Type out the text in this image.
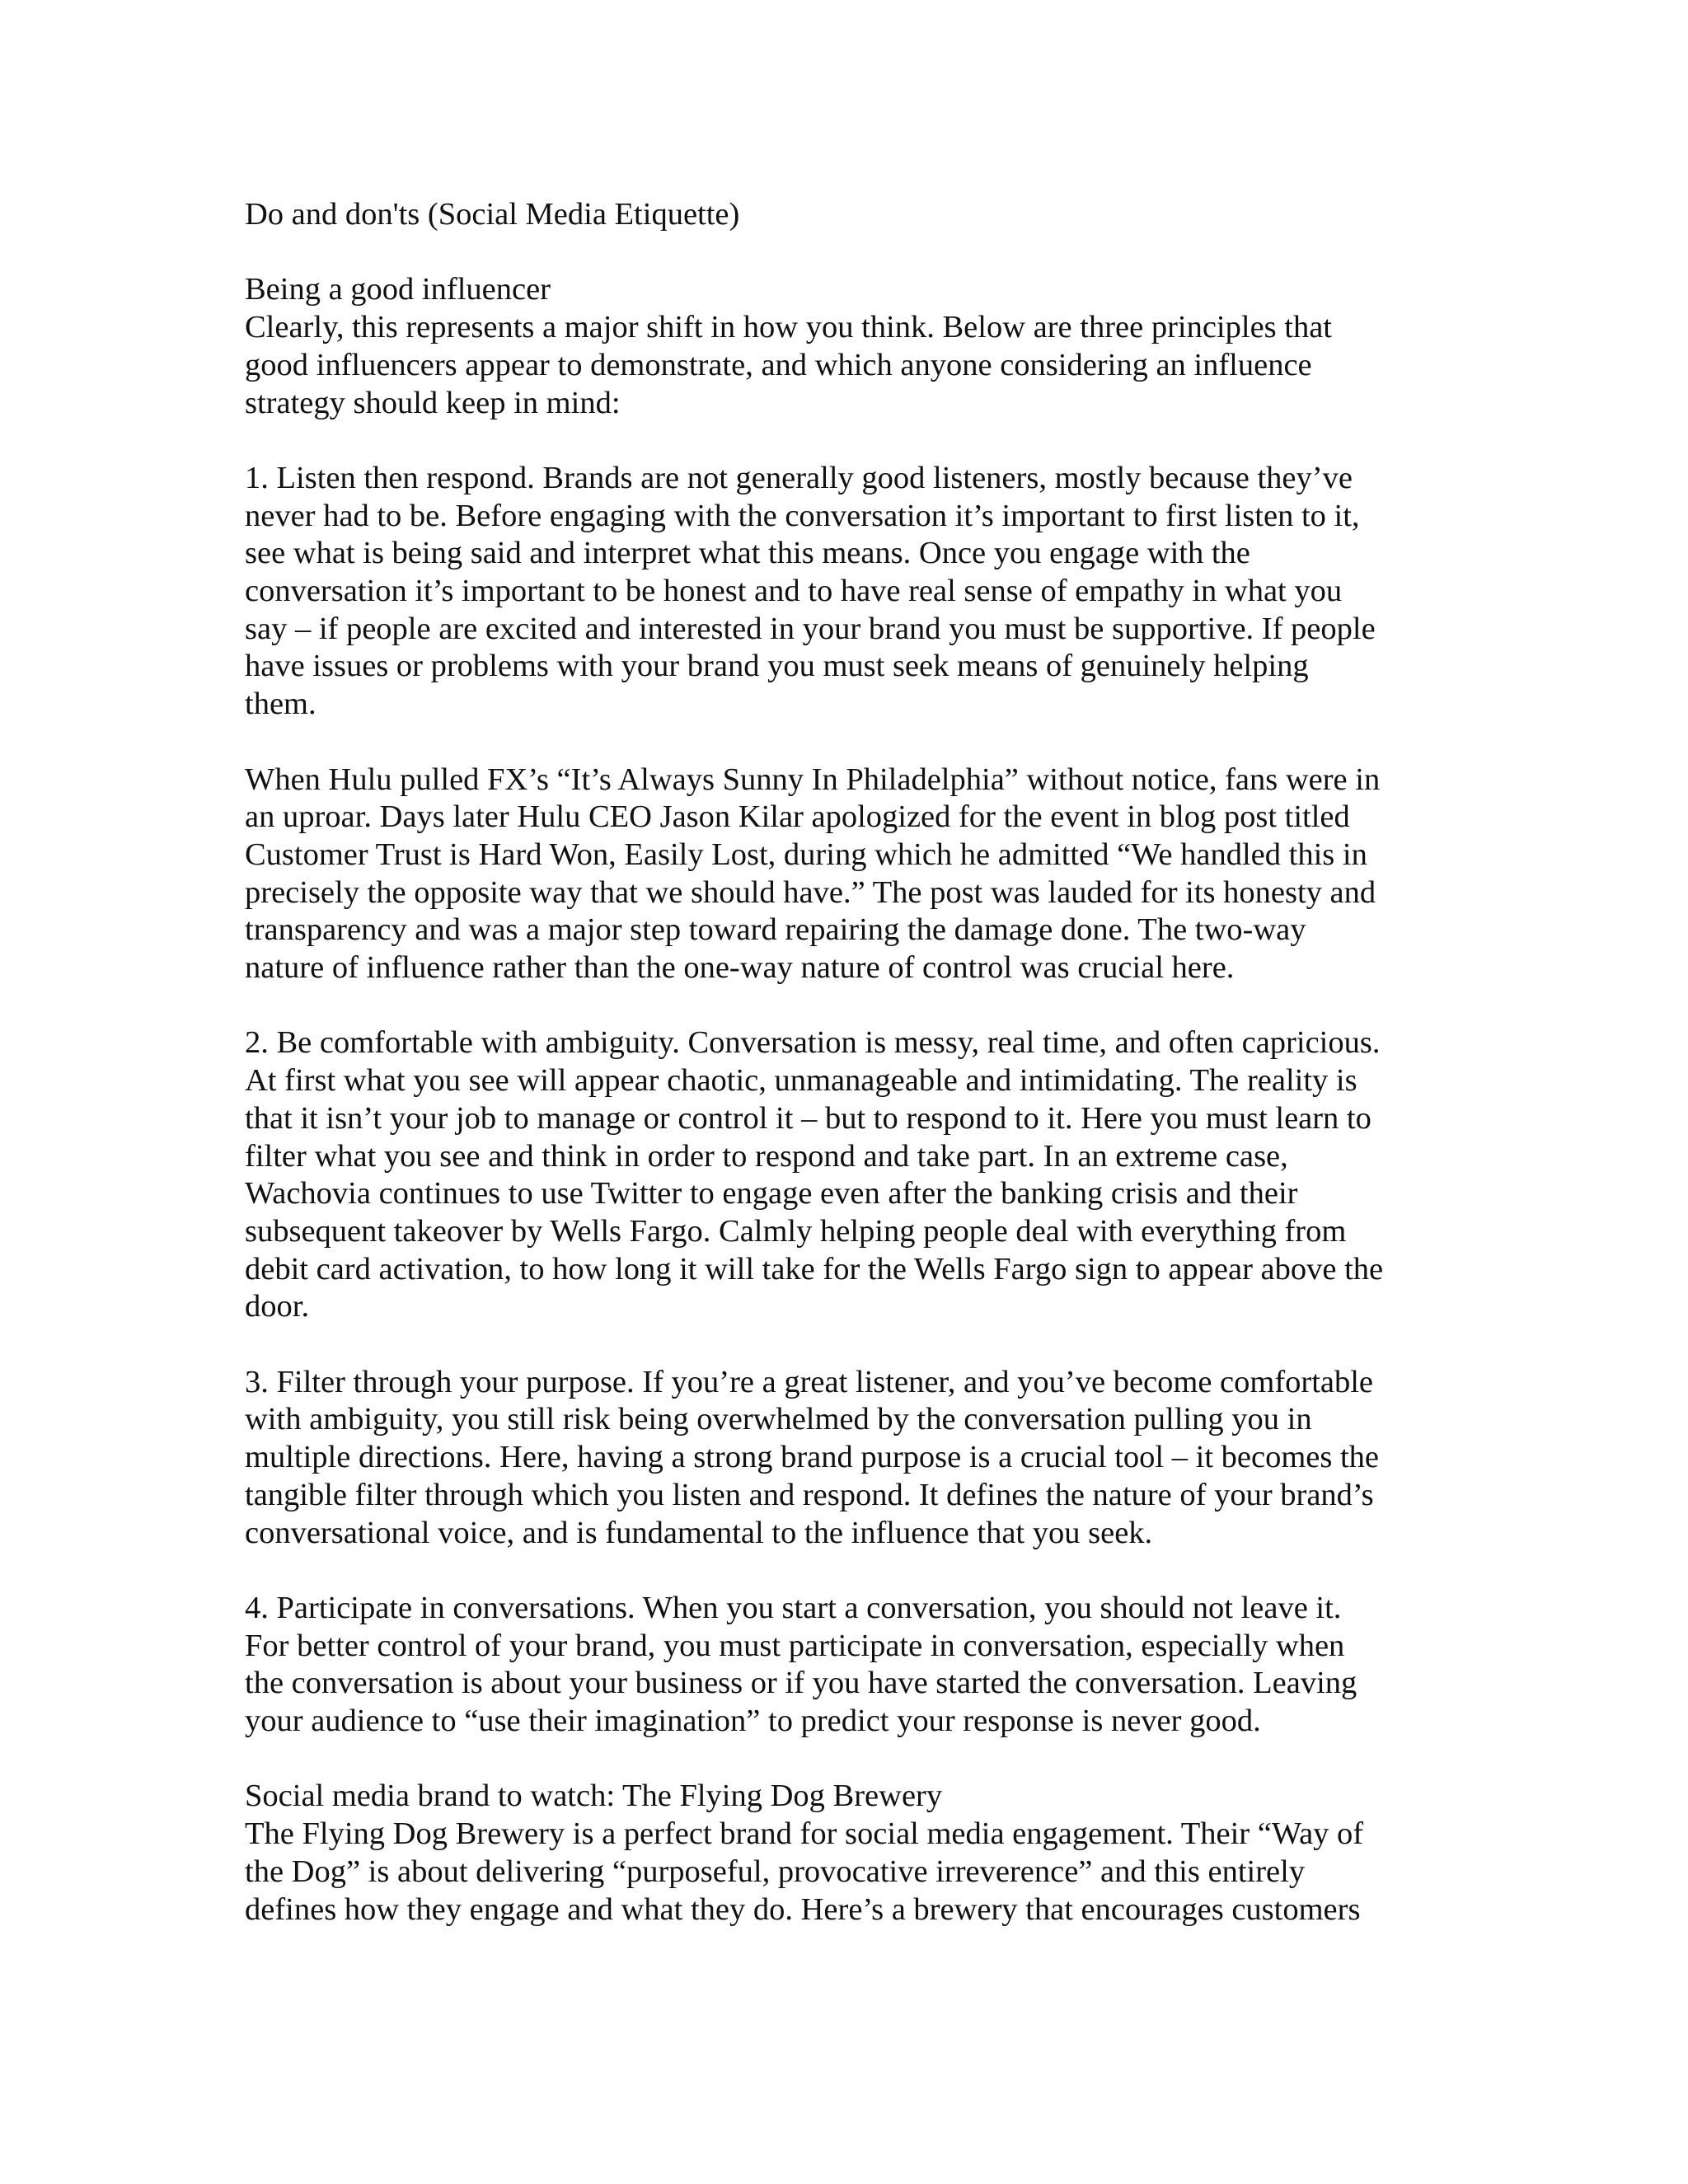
Do and don'ts (Social Media Etiquette)

Being a good influencer
Clearly, this represents a major shift in how you think. Below are three principles that
good influencers appear to demonstrate, and which anyone considering an influence
strategy should keep in mind:

1. Listen then respond. Brands are not generally good listeners, mostly because they’ve
never had to be. Before engaging with the conversation it’s important to first listen to it,
see what is being said and interpret what this means. Once you engage with the
conversation it’s important to be honest and to have real sense of empathy in what you
say – if people are excited and interested in your brand you must be supportive. If people
have issues or problems with your brand you must seek means of genuinely helping
them.

When Hulu pulled FX’s “It’s Always Sunny In Philadelphia” without notice, fans were in
an uproar. Days later Hulu CEO Jason Kilar apologized for the event in blog post titled
Customer Trust is Hard Won, Easily Lost, during which he admitted “We handled this in
precisely the opposite way that we should have.” The post was lauded for its honesty and
transparency and was a major step toward repairing the damage done. The two-way
nature of influence rather than the one-way nature of control was crucial here.

2. Be comfortable with ambiguity. Conversation is messy, real time, and often capricious.
At first what you see will appear chaotic, unmanageable and intimidating. The reality is
that it isn’t your job to manage or control it – but to respond to it. Here you must learn to
filter what you see and think in order to respond and take part. In an extreme case,
Wachovia continues to use Twitter to engage even after the banking crisis and their
subsequent takeover by Wells Fargo. Calmly helping people deal with everything from
debit card activation, to how long it will take for the Wells Fargo sign to appear above the
door.

3. Filter through your purpose. If you’re a great listener, and you’ve become comfortable
with ambiguity, you still risk being overwhelmed by the conversation pulling you in
multiple directions. Here, having a strong brand purpose is a crucial tool – it becomes the
tangible filter through which you listen and respond. It defines the nature of your brand’s
conversational voice, and is fundamental to the influence that you seek.

4. Participate in conversations. When you start a conversation, you should not leave it.
For better control of your brand, you must participate in conversation, especially when
the conversation is about your business or if you have started the conversation. Leaving
your audience to “use their imagination” to predict your response is never good.

Social media brand to watch: The Flying Dog Brewery
The Flying Dog Brewery is a perfect brand for social media engagement. Their “Way of
the Dog” is about delivering “purposeful, provocative irreverence” and this entirely
defines how they engage and what they do. Here’s a brewery that encourages customers
